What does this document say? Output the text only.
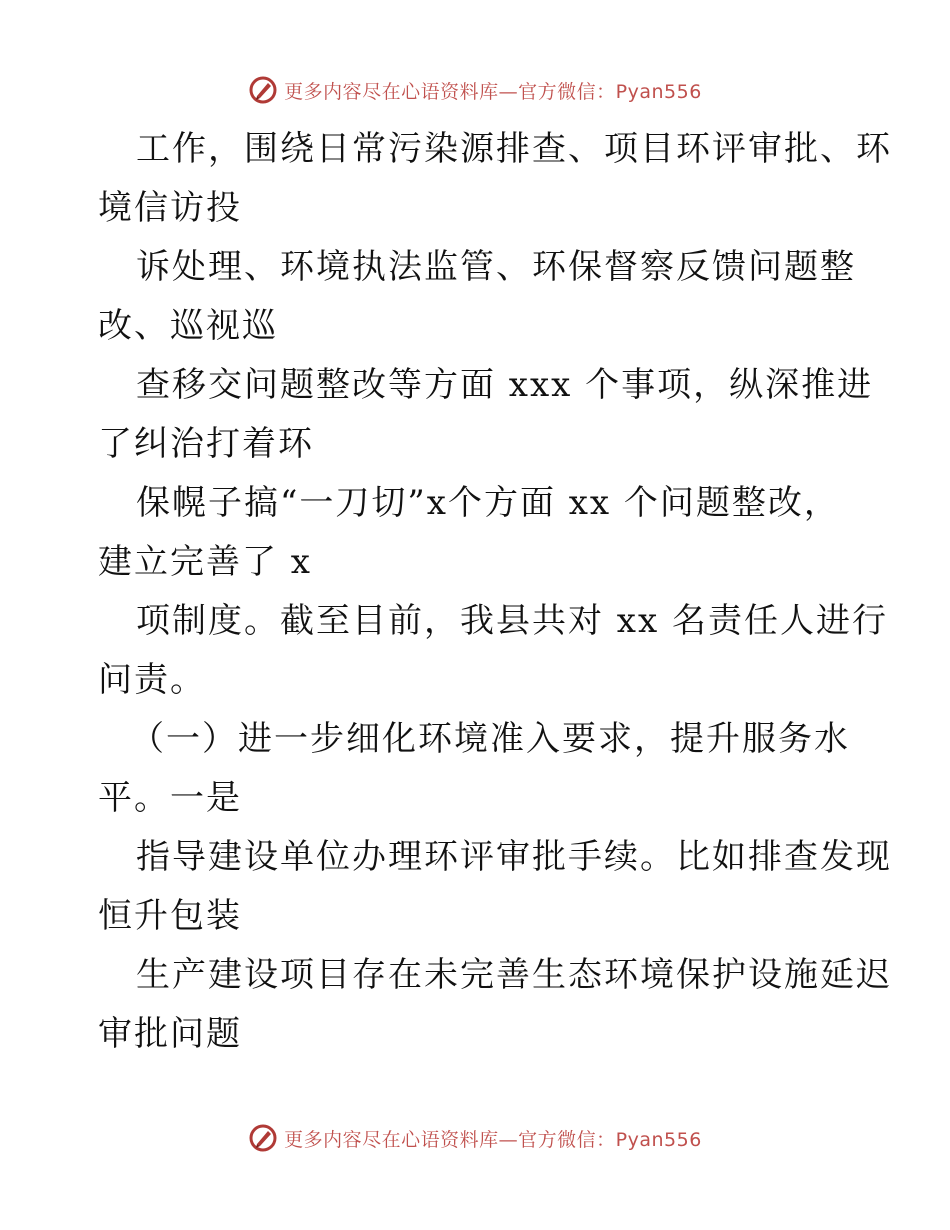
更多内容尽在心语资料库—官方微信：Pyan556
工作，围绕日常污染源排查、项目环评审批、环
境信访投
诉处理、环境执法监管、环保督察反馈问题整
改、巡视巡
查移交问题整改等方面 xxx 个事项，纵深推进
了纠治打着环
保幌子搞“一刀切”x个方面 xx 个问题整改，
建立完善了 x
项制度。截至目前，我县共对 xx 名责任人进行
问责。
（一）进一步细化环境准入要求，提升服务水
平。一是
指导建设单位办理环评审批手续。比如排查发现
恒升包装
生产建设项目存在未完善生态环境保护设施延迟
审批问题
更多内容尽在心语资料库—官方微信：Pyan556
